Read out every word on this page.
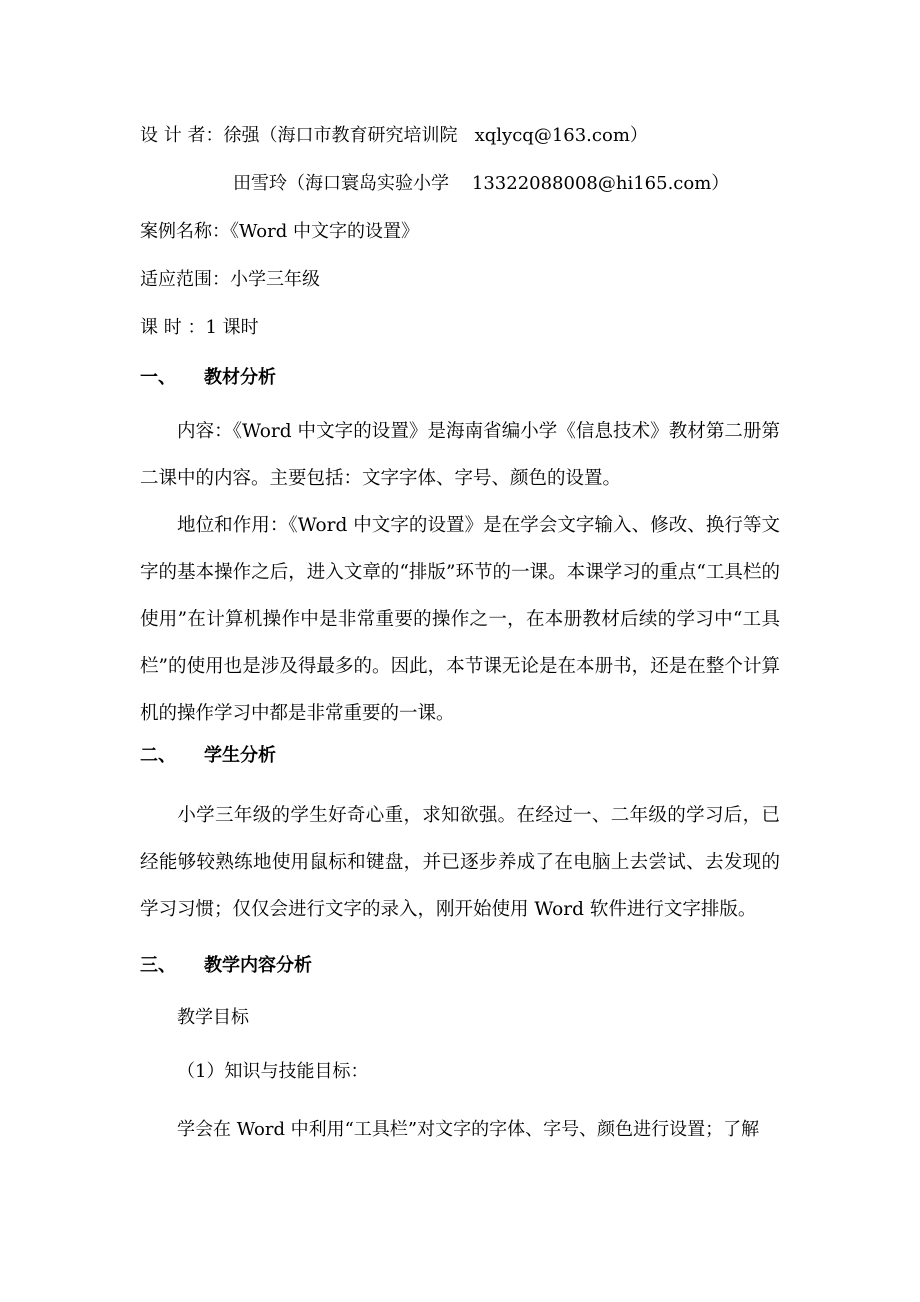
设 计 者：徐强（海口市教育研究培训院   xqlycq@163.com）
田雪玲（海口寰岛实验小学    13322088008@hi165.com）
案例名称：《Word 中文字的设置》
适应范围：小学三年级
课 时 ：1 课时
一、 教材分析
内容：《Word 中文字的设置》是海南省编小学《信息技术》教材第二册第二课中的内容。主要包括：文字字体、字号、颜色的设置。
地位和作用：《Word 中文字的设置》是在学会文字输入、修改、换行等文字的基本操作之后，进入文章的“排版”环节的一课。本课学习的重点“工具栏的使用”在计算机操作中是非常重要的操作之一，在本册教材后续的学习中“工具栏”的使用也是涉及得最多的。因此，本节课无论是在本册书，还是在整个计算机的操作学习中都是非常重要的一课。
二、 学生分析
小学三年级的学生好奇心重，求知欲强。在经过一、二年级的学习后，已经能够较熟练地使用鼠标和键盘，并已逐步养成了在电脑上去尝试、去发现的学习习惯；仅仅会进行文字的录入，刚开始使用 Word 软件进行文字排版。
三、 教学内容分析
教学目标
（1）知识与技能目标：
学会在 Word 中利用“工具栏”对文字的字体、字号、颜色进行设置；了解
